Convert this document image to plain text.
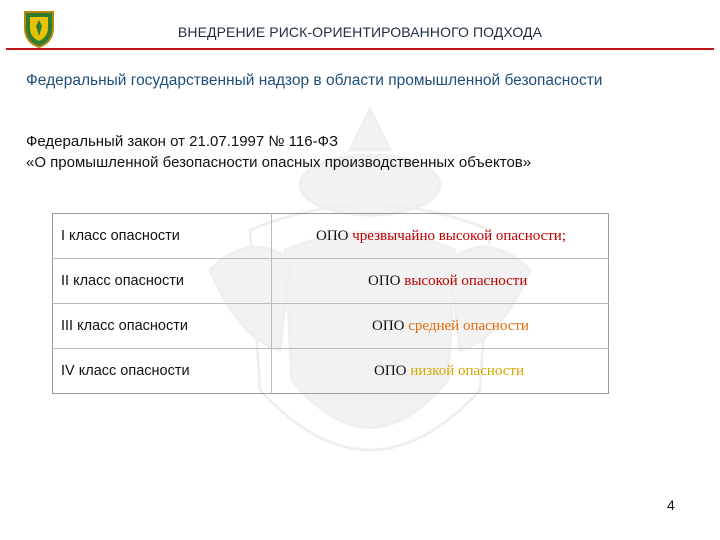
ВНЕДРЕНИЕ РИСК-ОРИЕНТИРОВАННОГО ПОДХОДА
Федеральный государственный надзор в области промышленной безопасности
Федеральный закон от 21.07.1997 № 116-ФЗ
«О промышленной безопасности опасных производственных объектов»
I класс опасности	ОПО чрезвычайно высокой опасности;
II класс опасности	ОПО высокой опасности
III класс опасности	ОПО средней опасности
IV класс опасности	ОПО низкой опасности
4
